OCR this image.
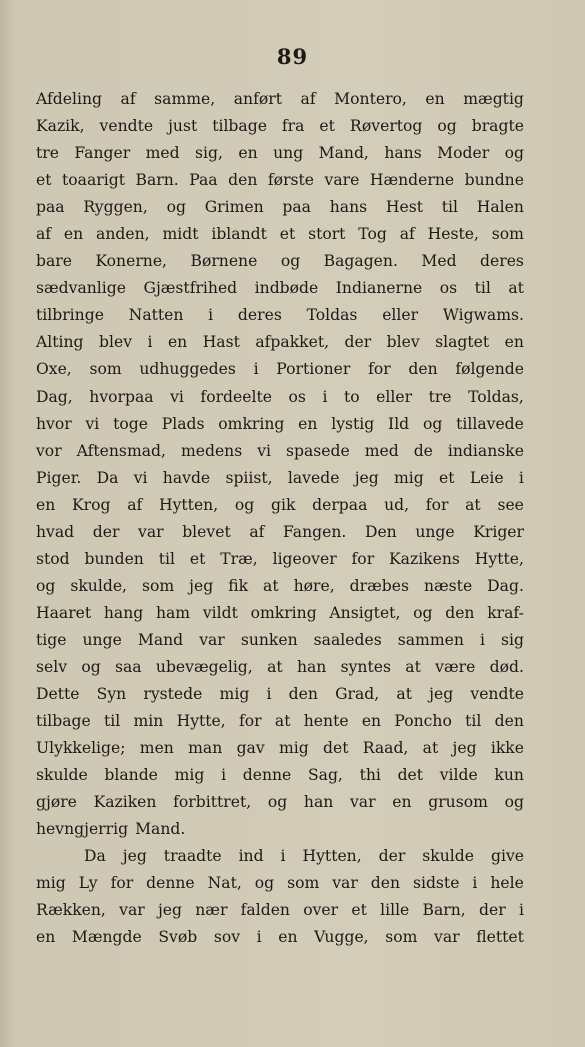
89
Afdeling af samme, anført af Montero, en mægtig
Kazik, vendte just tilbage fra et Røvertog og bragte
tre Fanger med sig, en ung Mand, hans Moder og
et toaarigt Barn. Paa den første vare Hænderne bundne
paa Ryggen, og Grimen paa hans Hest til Halen
af en anden, midt iblandt et stort Tog af Heste, som
bare Konerne, Børnene og Bagagen. Med deres
sædvanlige Gjæstfrihed indbøde Indianerne os til at
tilbringe Natten i deres Toldas eller Wigwams.
Alting blev i en Hast afpakket, der blev slagtet en
Oxe, som udhuggedes i Portioner for den følgende
Dag, hvorpaa vi fordeelte os i to eller tre Toldas,
hvor vi toge Plads omkring en lystig Ild og tillavede
vor Aftensmad, medens vi spasede med de indianske
Piger. Da vi havde spiist, lavede jeg mig et Leie i
en Krog af Hytten, og gik derpaa ud, for at see
hvad der var blevet af Fangen. Den unge Kriger
stod bunden til et Træ, ligeover for Kazikens Hytte,
og skulde, som jeg fik at høre, dræbes næste Dag.
Haaret hang ham vildt omkring Ansigtet, og den kraf-
tige unge Mand var sunken saaledes sammen i sig
selv og saa ubevægelig, at han syntes at være død.
Dette Syn rystede mig i den Grad, at jeg vendte
tilbage til min Hytte, for at hente en Poncho til den
Ulykkelige; men man gav mig det Raad, at jeg ikke
skulde blande mig i denne Sag, thi det vilde kun
gjøre Kaziken forbittret, og han var en grusom og
hevngjerrig Mand.
Da jeg traadte ind i Hytten, der skulde give
mig Ly for denne Nat, og som var den sidste i hele
Rækken, var jeg nær falden over et lille Barn, der i
en Mængde Svøb sov i en Vugge, som var flettet
